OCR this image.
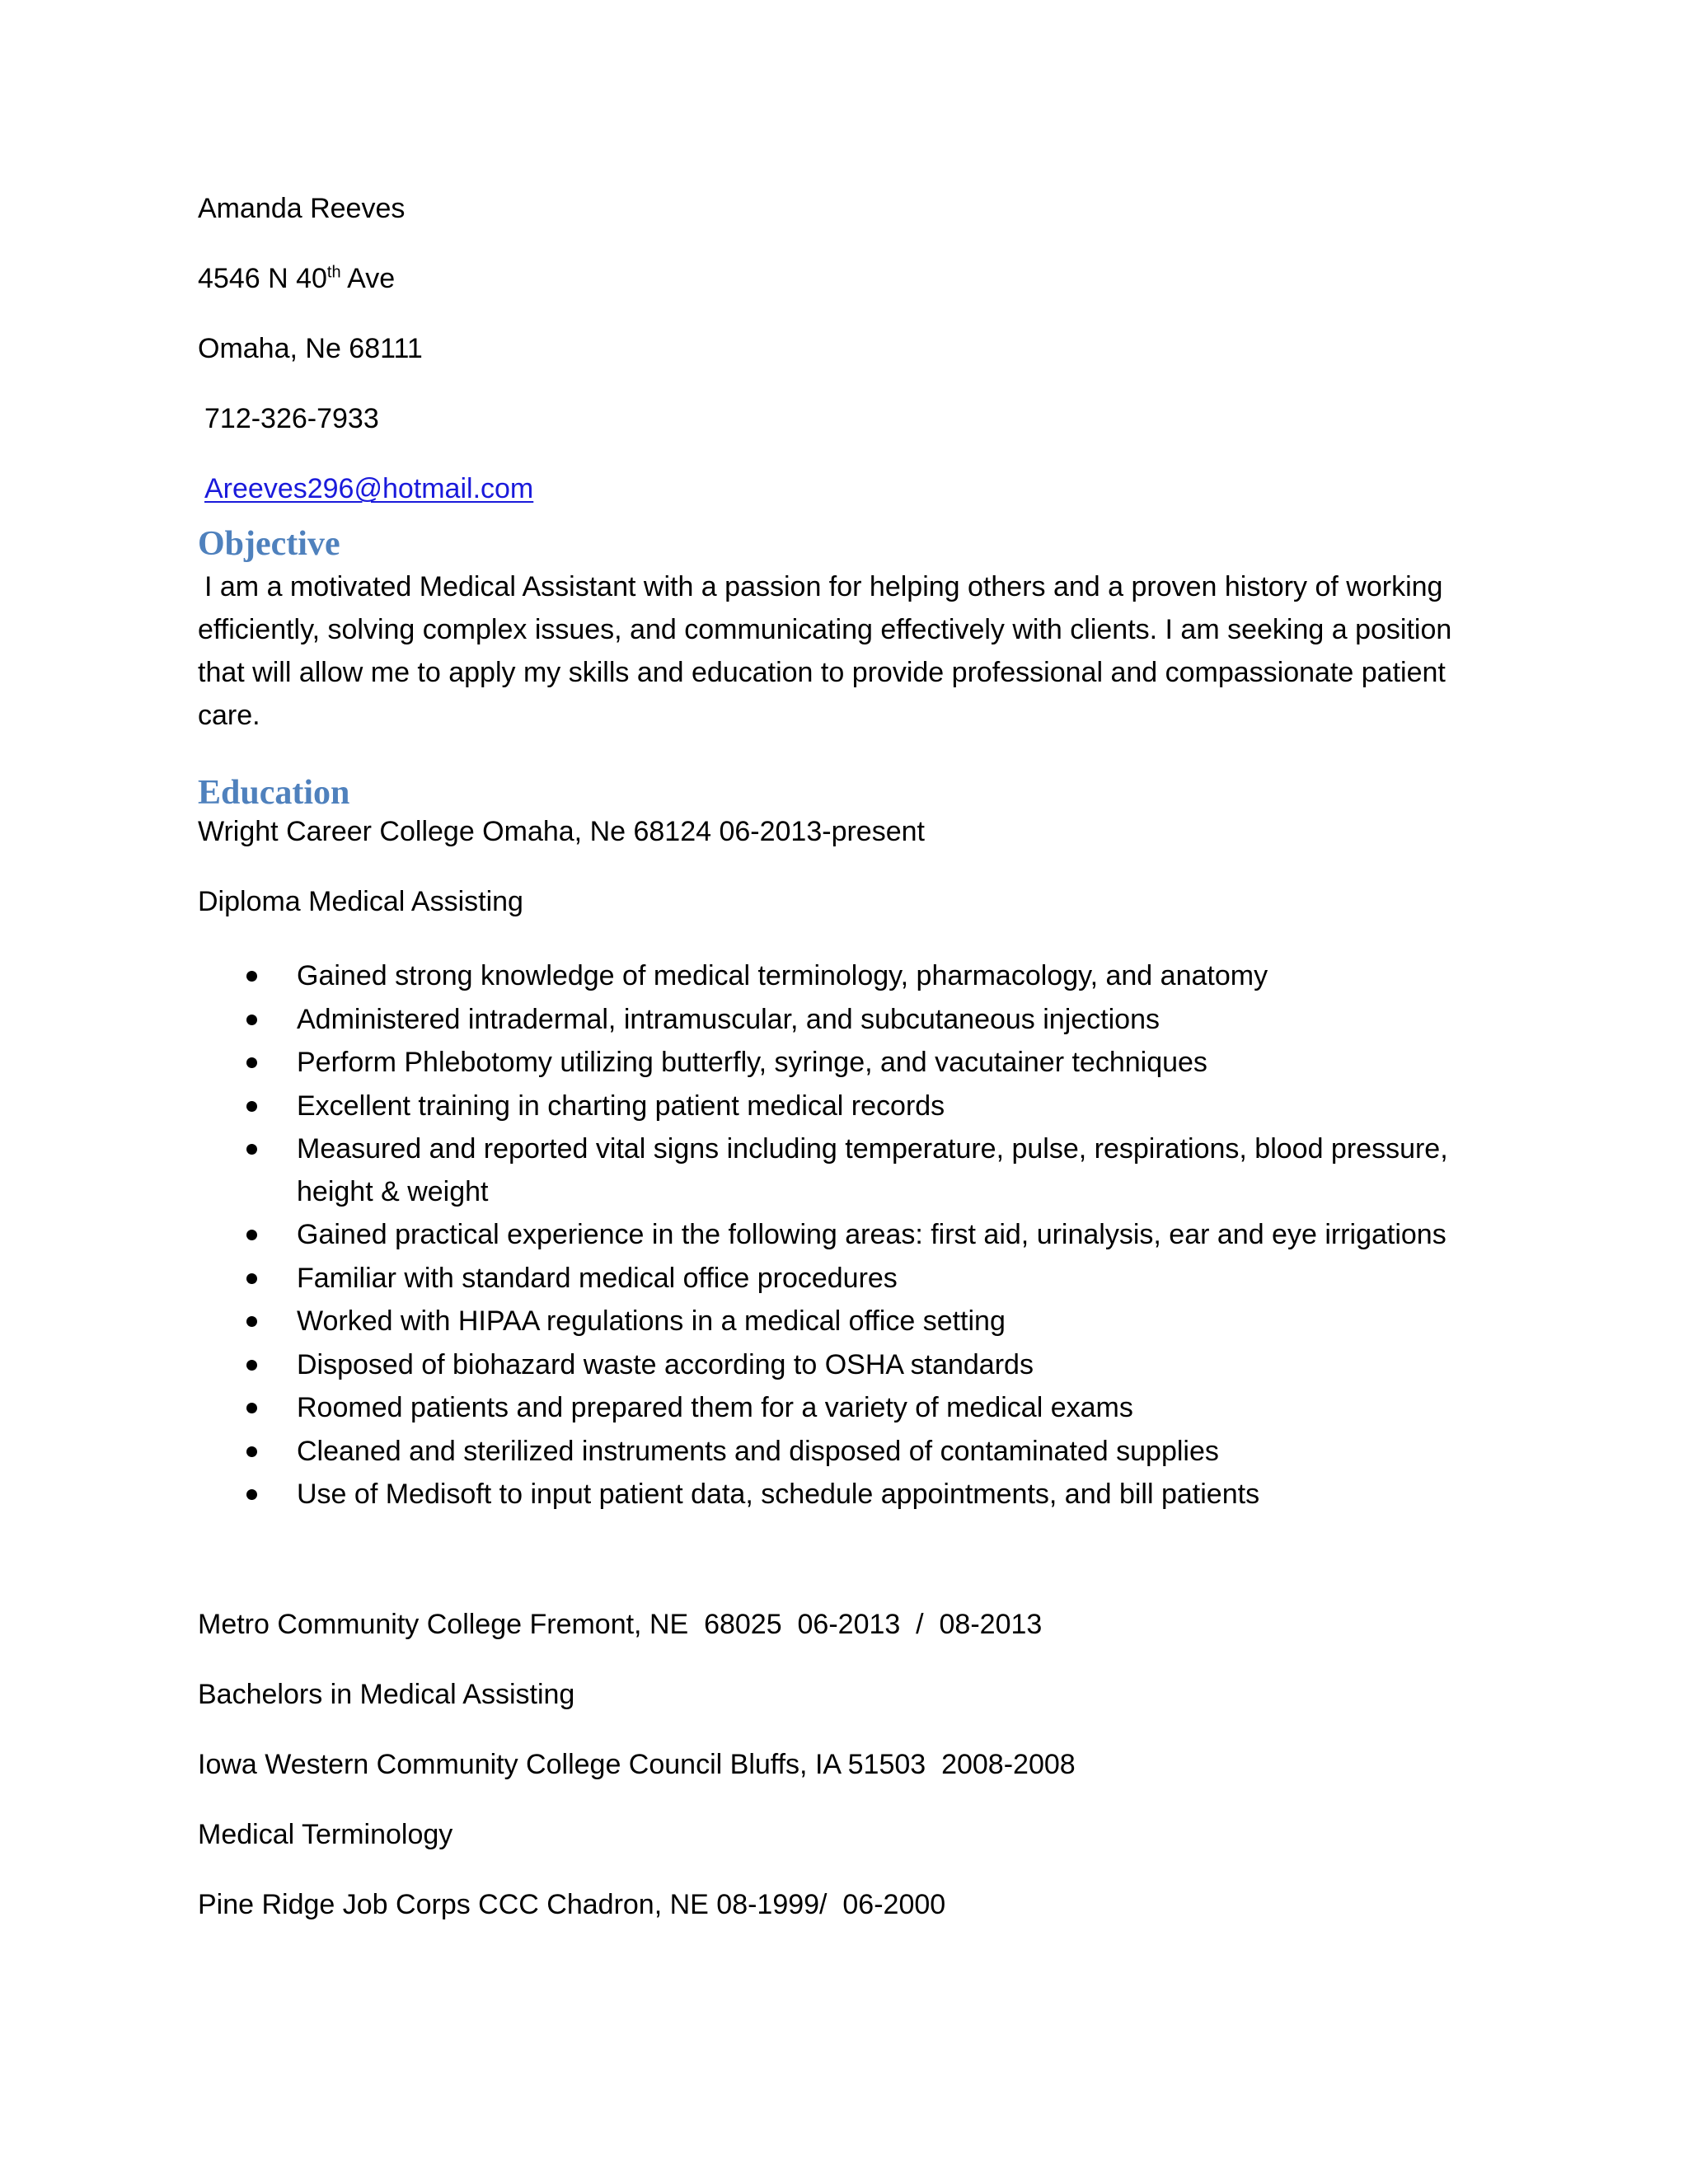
Amanda Reeves
4546 N 40th Ave
Omaha, Ne 68111
712-326-7933
Areeves296@hotmail.com
Objective
I am a motivated Medical Assistant with a passion for helping others and a proven history of working efficiently, solving complex issues, and communicating effectively with clients. I am seeking a position that will allow me to apply my skills and education to provide professional and compassionate patient care.
Education
Wright Career College Omaha, Ne 68124 06-2013-present
Diploma Medical Assisting
Gained strong knowledge of medical terminology, pharmacology, and anatomy
Administered intradermal, intramuscular, and subcutaneous injections
Perform Phlebotomy utilizing butterfly, syringe, and vacutainer techniques
Excellent training in charting patient medical records
Measured and reported vital signs including temperature, pulse, respirations, blood pressure, height & weight
Gained practical experience in the following areas: first aid, urinalysis, ear and eye irrigations
Familiar with standard medical office procedures
Worked with HIPAA regulations in a medical office setting
Disposed of biohazard waste according to OSHA standards
Roomed patients and prepared them for a variety of medical exams
Cleaned and sterilized instruments and disposed of contaminated supplies
Use of Medisoft to input patient data, schedule appointments, and bill patients
Metro Community College Fremont, NE  68025  06-2013  /  08-2013
Bachelors in Medical Assisting
Iowa Western Community College Council Bluffs, IA 51503  2008-2008
Medical Terminology
Pine Ridge Job Corps CCC Chadron, NE 08-1999/  06-2000
